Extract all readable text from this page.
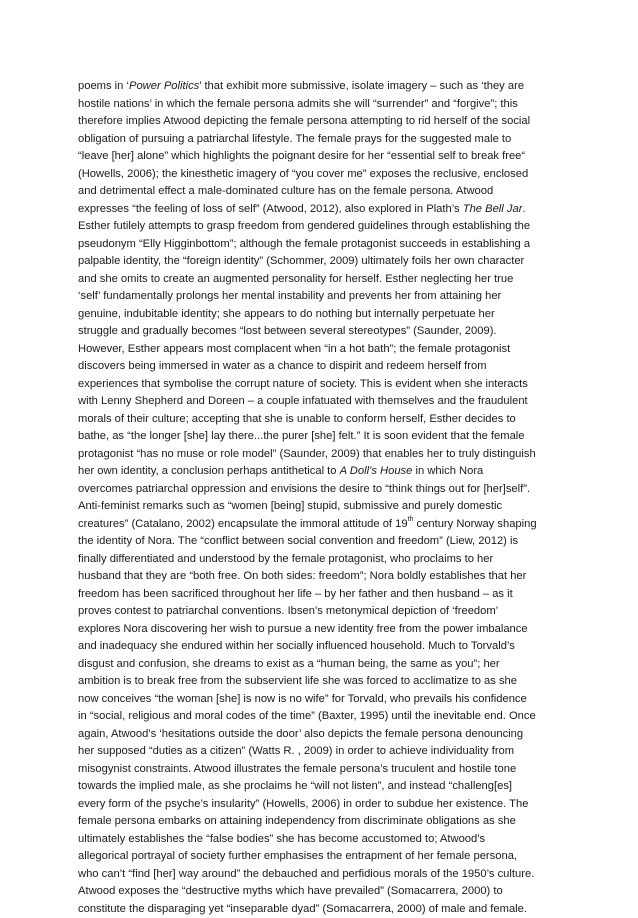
poems in ‘Power Politics’ that exhibit more submissive, isolate imagery – such as ‘they are
hostile nations’ in which the female persona admits she will “surrender” and “forgive”; this
therefore implies Atwood depicting the female persona attempting to rid herself of the social
obligation of pursuing a patriarchal lifestyle. The female prays for the suggested male to
“leave [her] alone” which highlights the poignant desire for her “essential self to break free“
(Howells, 2006); the kinesthetic imagery of “you cover me” exposes the reclusive, enclosed
and detrimental effect a male-dominated culture has on the female persona. Atwood
expresses “the feeling of loss of self” (Atwood, 2012), also explored in Plath’s The Bell Jar.
Esther futilely attempts to grasp freedom from gendered guidelines through establishing the
pseudonym “Elly Higginbottom”; although the female protagonist succeeds in establishing a
palpable identity, the “foreign identity” (Schommer, 2009) ultimately foils her own character
and she omits to create an augmented personality for herself. Esther neglecting her true
‘self’ fundamentally prolongs her mental instability and prevents her from attaining her
genuine, indubitable identity; she appears to do nothing but internally perpetuate her
struggle and gradually becomes “lost between several stereotypes” (Saunder, 2009).
However, Esther appears most complacent when “in a hot bath”; the female protagonist
discovers being immersed in water as a chance to dispirit and redeem herself from
experiences that symbolise the corrupt nature of society. This is evident when she interacts
with Lenny Shepherd and Doreen – a couple infatuated with themselves and the fraudulent
morals of their culture; accepting that she is unable to conform herself, Esther decides to
bathe, as “the longer [she] lay there...the purer [she] felt.” It is soon evident that the female
protagonist “has no muse or role model” (Saunder, 2009) that enables her to truly distinguish
her own identity, a conclusion perhaps antithetical to A Doll’s House in which Nora
overcomes patriarchal oppression and envisions the desire to “think things out for [her]self”.
Anti-feminist remarks such as “women [being] stupid, submissive and purely domestic
creatures” (Catalano, 2002) encapsulate the immoral attitude of 19th century Norway shaping
the identity of Nora. The “conflict between social convention and freedom” (Liew, 2012) is
finally differentiated and understood by the female protagonist, who proclaims to her
husband that they are “both free. On both sides: freedom”; Nora boldly establishes that her
freedom has been sacrificed throughout her life – by her father and then husband – as it
proves contest to patriarchal conventions. Ibsen’s metonymical depiction of ‘freedom’
explores Nora discovering her wish to pursue a new identity free from the power imbalance
and inadequacy she endured within her socially influenced household. Much to Torvald’s
disgust and confusion, she dreams to exist as a “human being, the same as you”; her
ambition is to break free from the subservient life she was forced to acclimatize to as she
now conceives “the woman [she] is now is no wife” for Torvald, who prevails his confidence
in “social, religious and moral codes of the time” (Baxter, 1995) until the inevitable end. Once
again, Atwood’s ‘hesitations outside the door’ also depicts the female persona denouncing
her supposed “duties as a citizen” (Watts R. , 2009) in order to achieve individuality from
misogynist constraints. Atwood illustrates the female persona’s truculent and hostile tone
towards the implied male, as she proclaims he “will not listen”, and instead “challeng[es]
every form of the psyche’s insularity” (Howells, 2006) in order to subdue her existence. The
female persona embarks on attaining independency from discriminate obligations as she
ultimately establishes the “false bodies” she has become accustomed to; Atwood’s
allegorical portrayal of society further emphasises the entrapment of her female persona,
who can’t “find [her] way around” the debauched and perfidious morals of the 1950’s culture.
Atwood exposes the “destructive myths which have prevailed” (Somacarrera, 2000) to
constitute the disparaging yet “inseparable dyad” (Somacarrera, 2000) of male and female.
